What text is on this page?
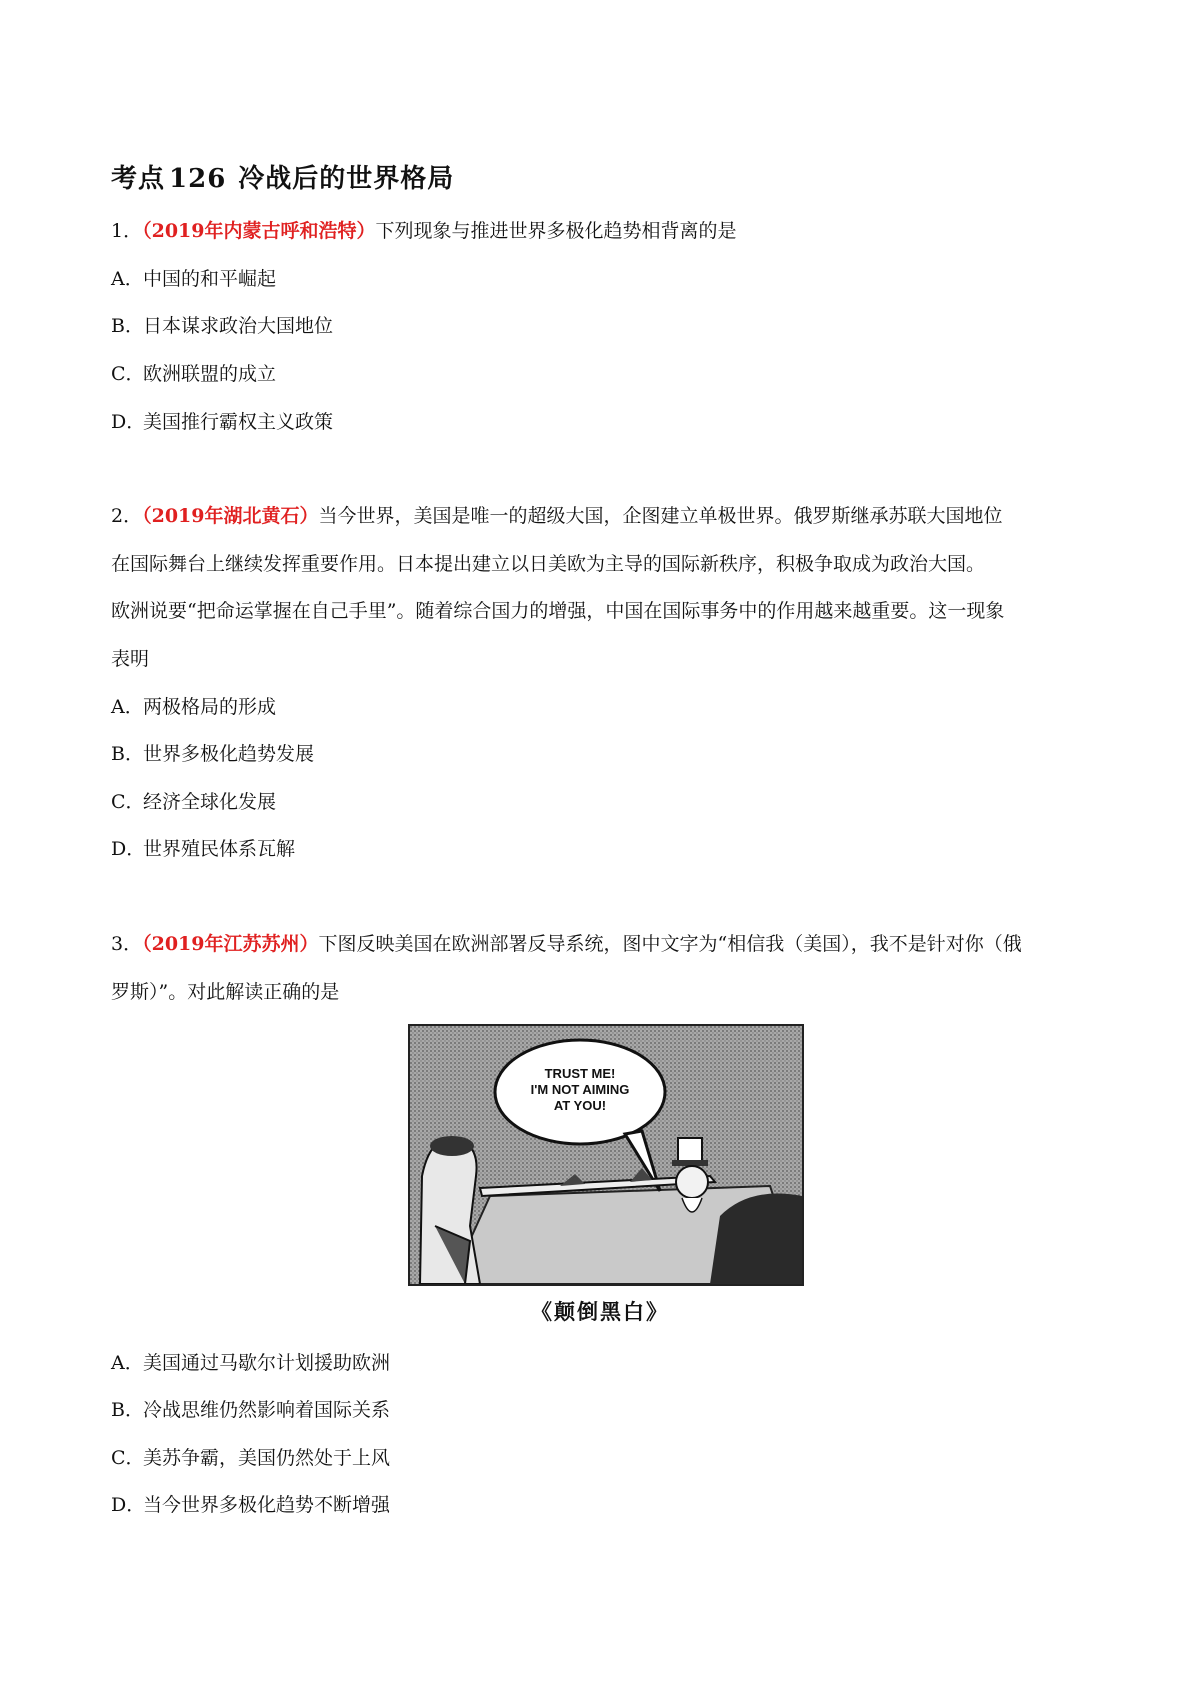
考点 126 冷战后的世界格局
1．（2019年内蒙古呼和浩特）下列现象与推进世界多极化趋势相背离的是
A．中国的和平崛起
B．日本谋求政治大国地位
C．欧洲联盟的成立
D．美国推行霸权主义政策
2．（2019年湖北黄石）当今世界，美国是唯一的超级大国，企图建立单极世界。俄罗斯继承苏联大国地位
在国际舞台上继续发挥重要作用。日本提出建立以日美欧为主导的国际新秩序，积极争取成为政治大国。
欧洲说要“把命运掌握在自己手里”。随着综合国力的增强，中国在国际事务中的作用越来越重要。这一现象
表明
A．两极格局的形成
B．世界多极化趋势发展
C．经济全球化发展
D．世界殖民体系瓦解
3．（2019年江苏苏州）下图反映美国在欧洲部署反导系统，图中文字为“相信我（美国），我不是针对你（俄
罗斯）”。对此解读正确的是
TRUST ME!
I'M NOT AIMING
AT YOU!
《颠倒黑白》
A．美国通过马歇尔计划援助欧洲
B．冷战思维仍然影响着国际关系
C．美苏争霸，美国仍然处于上风
D．当今世界多极化趋势不断增强
